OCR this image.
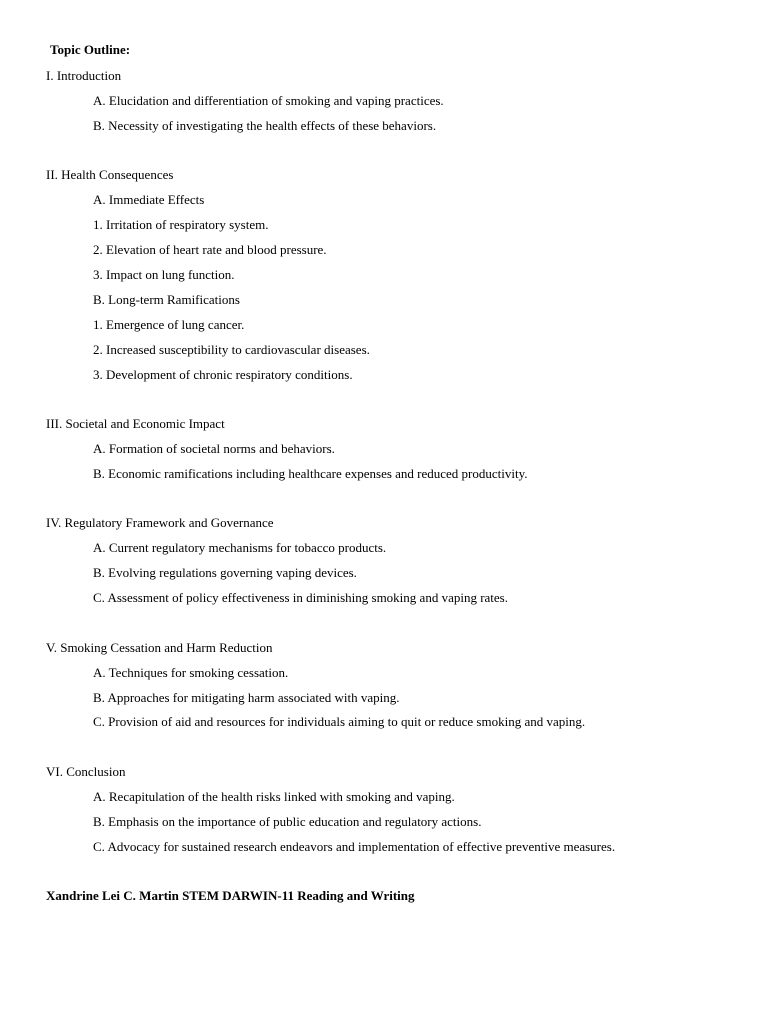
Topic Outline:
I. Introduction
A. Elucidation and differentiation of smoking and vaping practices.
B. Necessity of investigating the health effects of these behaviors.
II. Health Consequences
A. Immediate Effects
1. Irritation of respiratory system.
2. Elevation of heart rate and blood pressure.
3. Impact on lung function.
B. Long-term Ramifications
1. Emergence of lung cancer.
2. Increased susceptibility to cardiovascular diseases.
3. Development of chronic respiratory conditions.
III. Societal and Economic Impact
A. Formation of societal norms and behaviors.
B. Economic ramifications including healthcare expenses and reduced productivity.
IV. Regulatory Framework and Governance
A. Current regulatory mechanisms for tobacco products.
B. Evolving regulations governing vaping devices.
C. Assessment of policy effectiveness in diminishing smoking and vaping rates.
V. Smoking Cessation and Harm Reduction
A. Techniques for smoking cessation.
B. Approaches for mitigating harm associated with vaping.
C. Provision of aid and resources for individuals aiming to quit or reduce smoking and vaping.
VI. Conclusion
A. Recapitulation of the health risks linked with smoking and vaping.
B. Emphasis on the importance of public education and regulatory actions.
C. Advocacy for sustained research endeavors and implementation of effective preventive measures.
Xandrine Lei C. Martin STEM DARWIN-11 Reading and Writing
